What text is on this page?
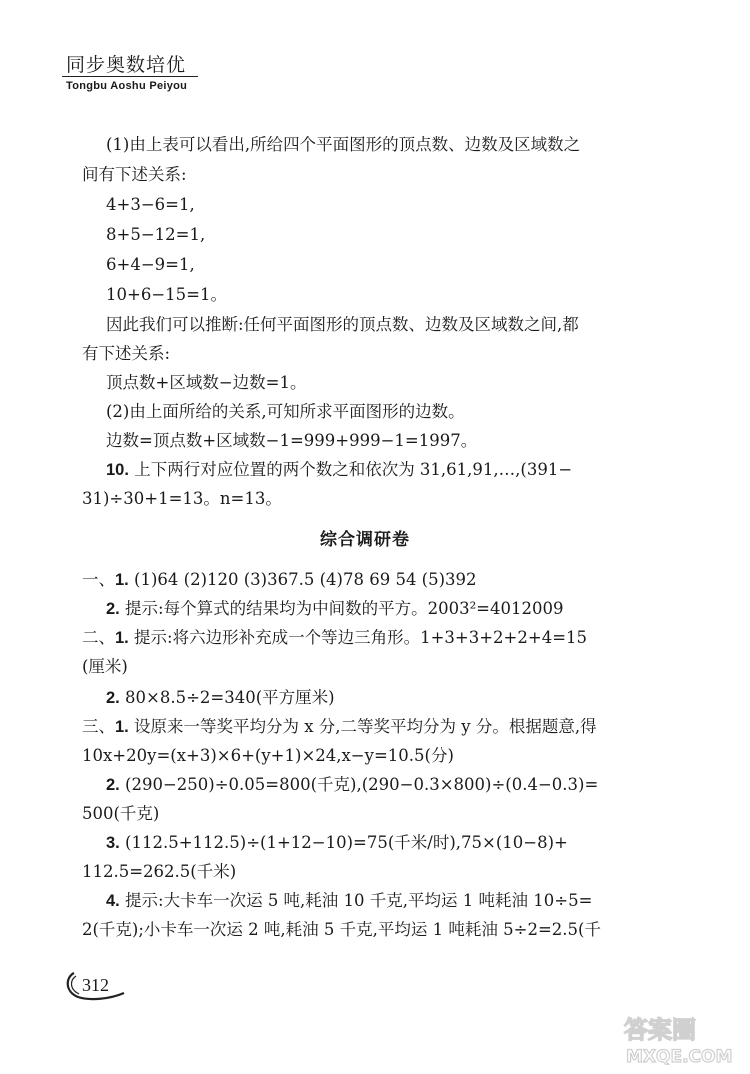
同步奥数培优
Tongbu Aoshu Peiyou
(1)由上表可以看出,所给四个平面图形的顶点数、边数及区域数之
间有下述关系:
4+3−6=1,
8+5−12=1,
6+4−9=1,
10+6−15=1。
因此我们可以推断:任何平面图形的顶点数、边数及区域数之间,都
有下述关系:
顶点数+区域数−边数=1。
(2)由上面所给的关系,可知所求平面图形的边数。
边数=顶点数+区域数−1=999+999−1=1997。
10. 上下两行对应位置的两个数之和依次为 31,61,91,…,(391−
31)÷30+1=13。n=13。
综合调研卷
一、1. (1)64 (2)120 (3)367.5 (4)78 69 54 (5)392
2. 提示:每个算式的结果均为中间数的平方。2003²=4012009
二、1. 提示:将六边形补充成一个等边三角形。1+3+3+2+2+4=15
(厘米)
2. 80×8.5÷2=340(平方厘米)
三、1. 设原来一等奖平均分为 x 分,二等奖平均分为 y 分。根据题意,得
10x+20y=(x+3)×6+(y+1)×24,x−y=10.5(分)
2. (290−250)÷0.05=800(千克),(290−0.3×800)÷(0.4−0.3)=
500(千克)
3. (112.5+112.5)÷(1+12−10)=75(千米/时),75×(10−8)+
112.5=262.5(千米)
4. 提示:大卡车一次运 5 吨,耗油 10 千克,平均运 1 吨耗油 10÷5=
2(千克);小卡车一次运 2 吨,耗油 5 千克,平均运 1 吨耗油 5÷2=2.5(千
312
答案圈
MXQE.COM
